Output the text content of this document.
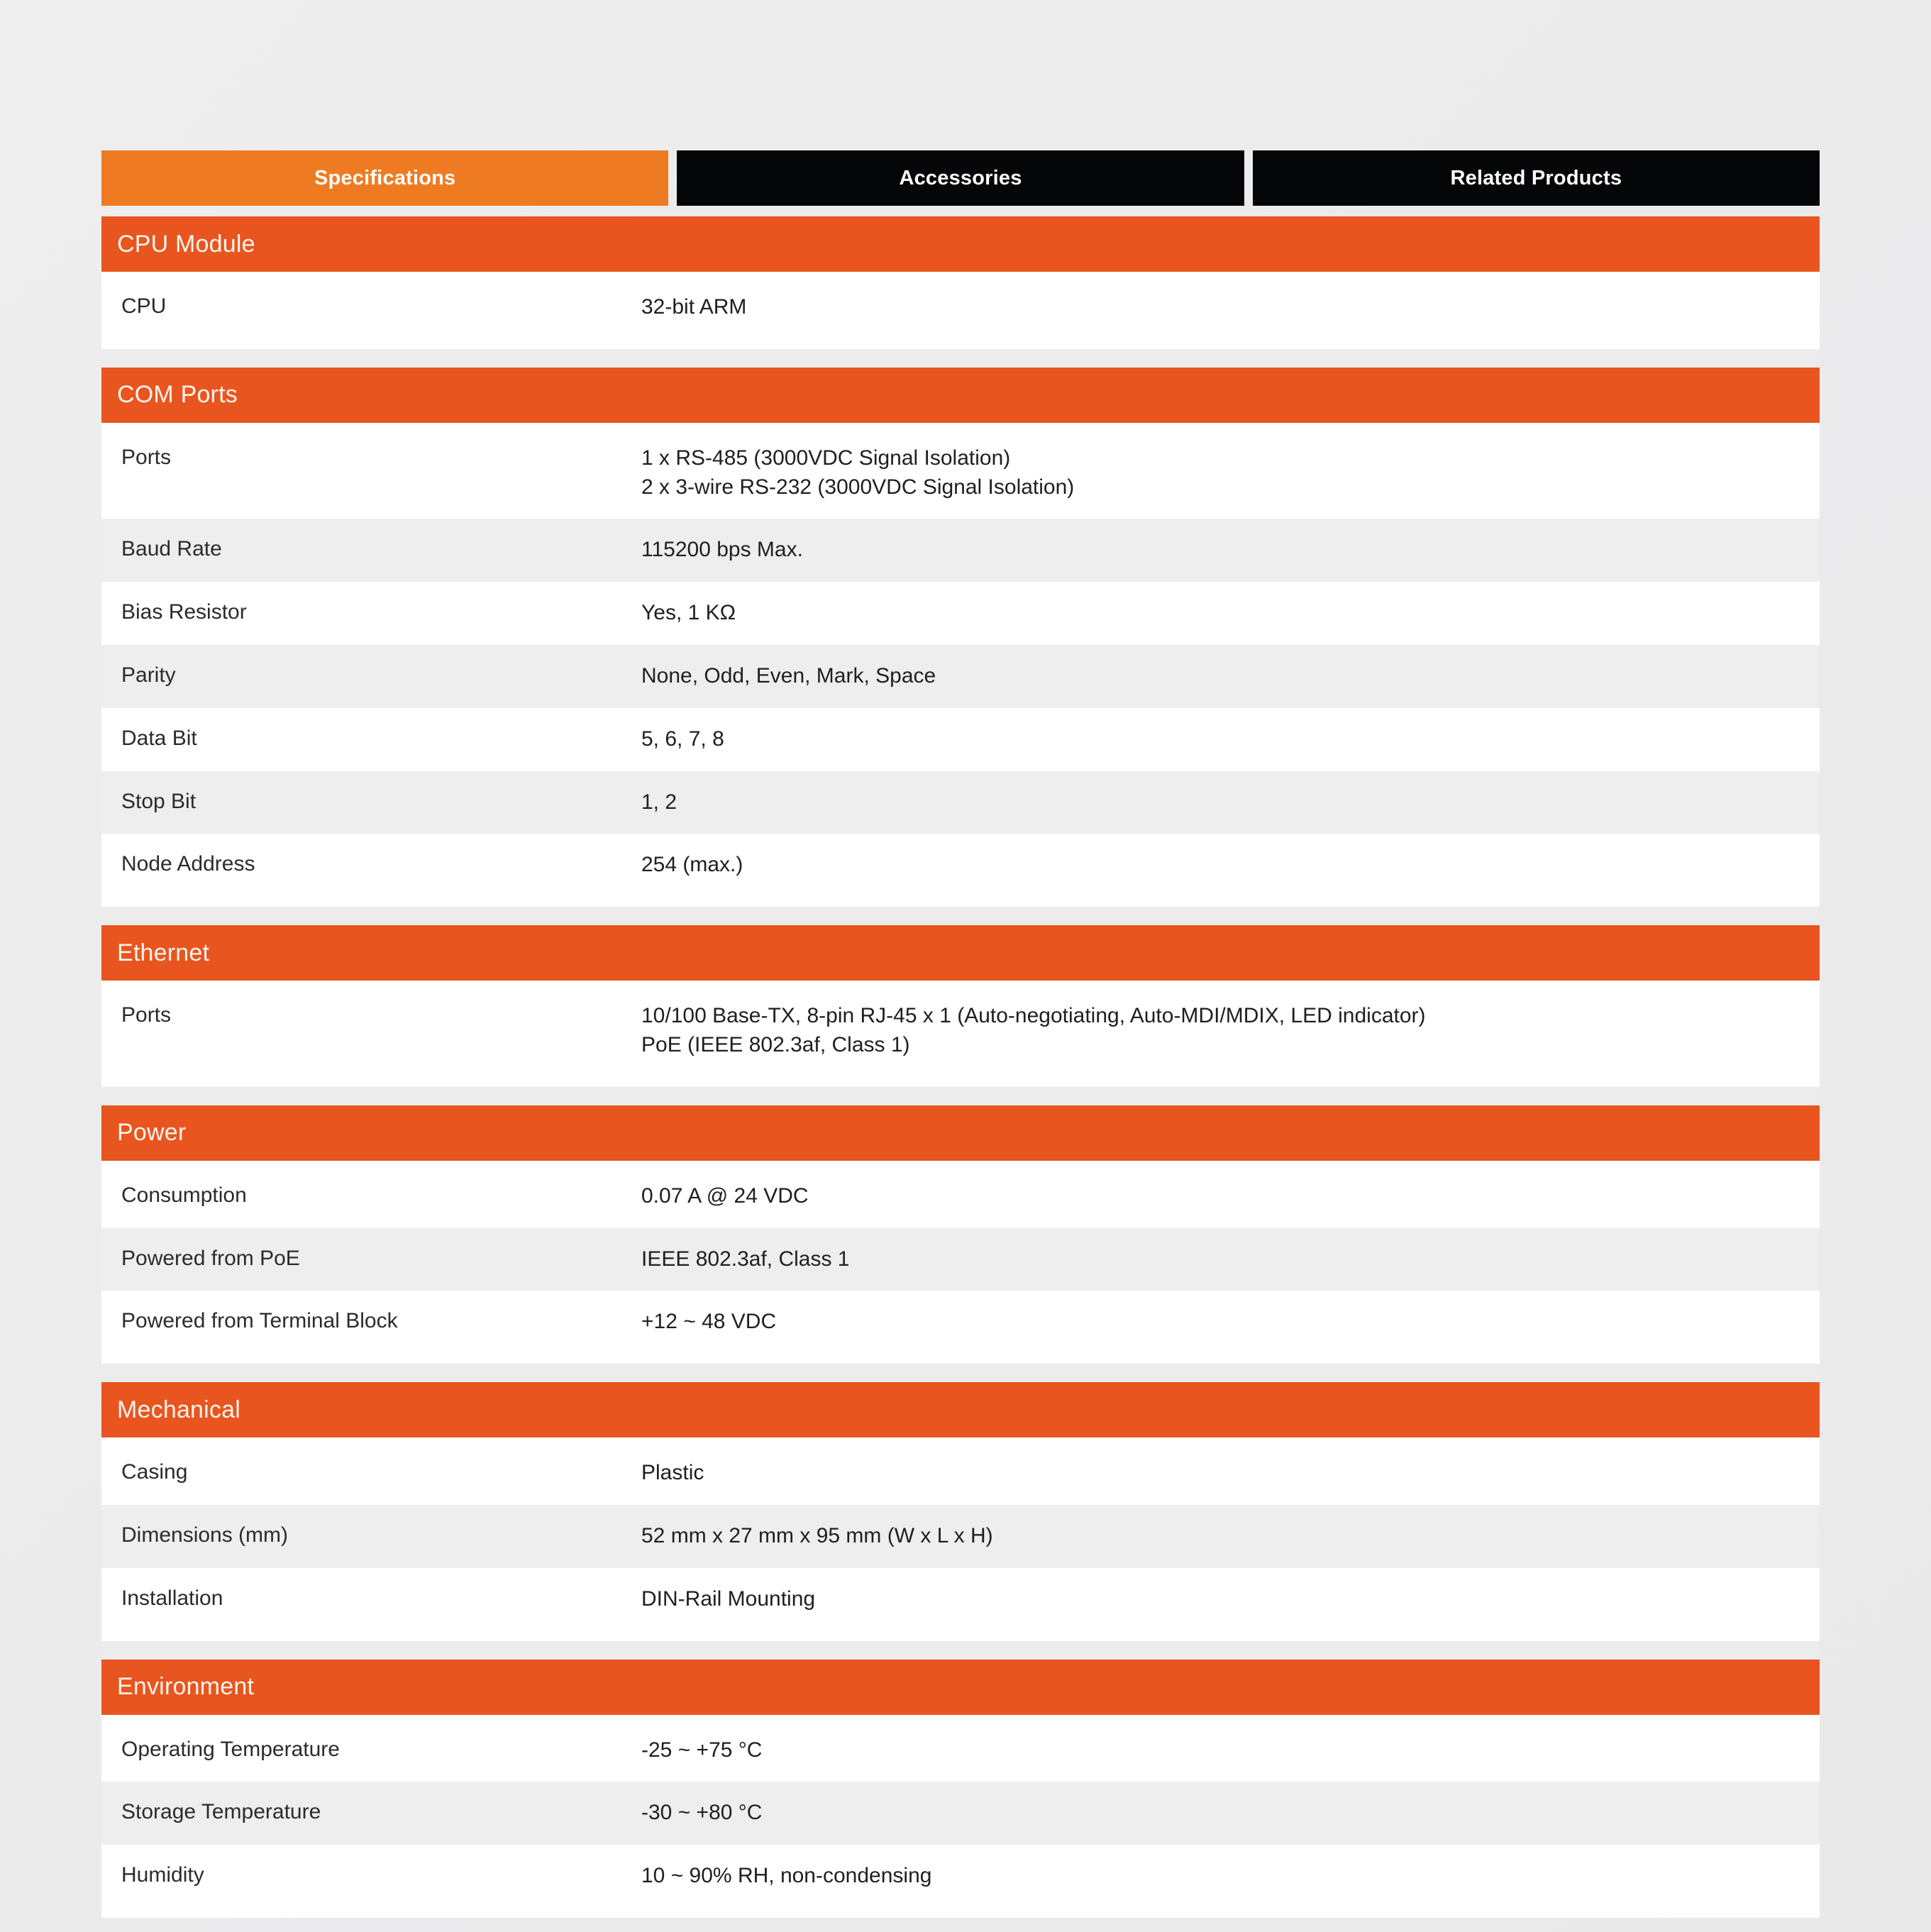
Specifications	Accessories	Related Products
CPU Module
CPU	32-bit ARM
COM Ports
Ports	1 x RS-485 (3000VDC Signal Isolation)
2 x 3-wire RS-232 (3000VDC Signal Isolation)
Baud Rate	115200 bps Max.
Bias Resistor	Yes, 1 KΩ
Parity	None, Odd, Even, Mark, Space
Data Bit	5, 6, 7, 8
Stop Bit	1, 2
Node Address	254 (max.)
Ethernet
Ports	10/100 Base-TX, 8-pin RJ-45 x 1 (Auto-negotiating, Auto-MDI/MDIX, LED indicator)
PoE (IEEE 802.3af, Class 1)
Power
Consumption	0.07 A @ 24 VDC
Powered from PoE	IEEE 802.3af, Class 1
Powered from Terminal Block	+12 ~ 48 VDC
Mechanical
Casing	Plastic
Dimensions (mm)	52 mm x 27 mm x 95 mm (W x L x H)
Installation	DIN-Rail Mounting
Environment
Operating Temperature	-25 ~ +75 °C
Storage Temperature	-30 ~ +80 °C
Humidity	10 ~ 90% RH, non-condensing
